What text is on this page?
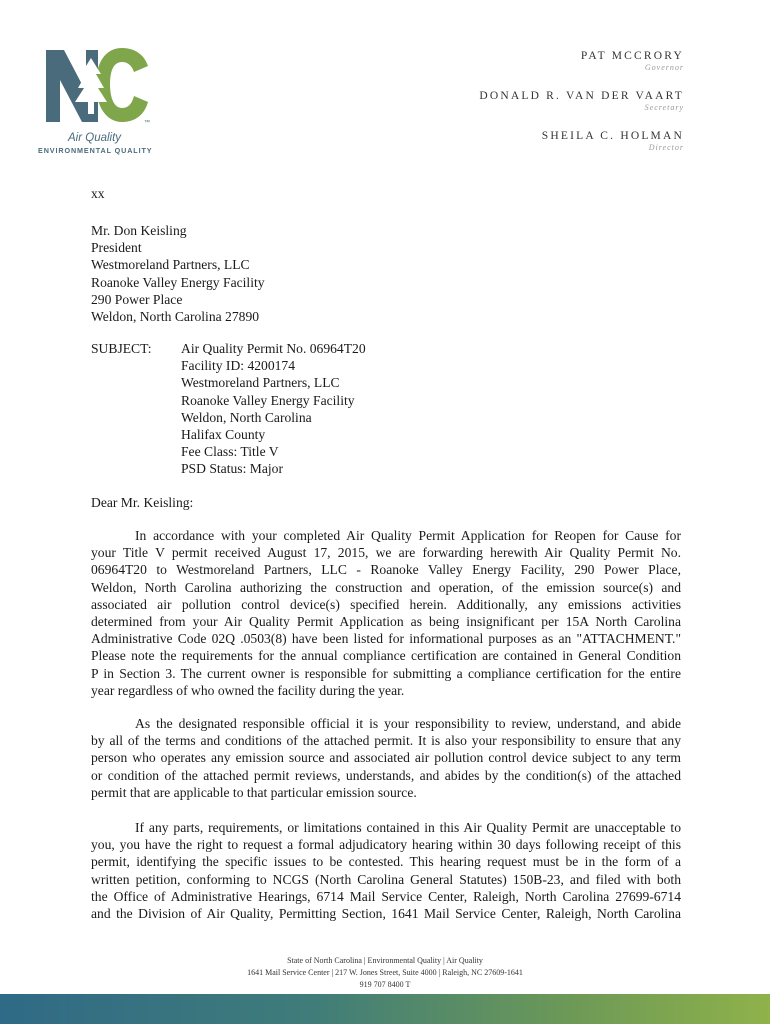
™
Air Quality
ENVIRONMENTAL QUALITY
PAT MCCRORY
Governor
DONALD R. VAN DER VAART
Secretary
SHEILA C. HOLMAN
Director
xx
Mr. Don Keisling
President
Westmoreland Partners, LLC
Roanoke Valley Energy Facility
290 Power Place
Weldon, North Carolina 27890
SUBJECT: Air Quality Permit No. 06964T20
Facility ID: 4200174
Westmoreland Partners, LLC
Roanoke Valley Energy Facility
Weldon, North Carolina
Halifax County
Fee Class: Title V
PSD Status: Major
Dear Mr. Keisling:
In accordance with your completed Air Quality Permit Application for Reopen for Cause for
your Title V permit received August 17, 2015, we are forwarding herewith Air Quality Permit No.
06964T20 to Westmoreland Partners, LLC - Roanoke Valley Energy Facility, 290 Power Place,
Weldon, North Carolina authorizing the construction and operation, of the emission source(s) and
associated air pollution control device(s) specified herein. Additionally, any emissions activities
determined from your Air Quality Permit Application as being insignificant per 15A North Carolina
Administrative Code 02Q .0503(8) have been listed for informational purposes as an "ATTACHMENT."
Please note the requirements for the annual compliance certification are contained in General Condition
P in Section 3. The current owner is responsible for submitting a compliance certification for the entire
year regardless of who owned the facility during the year.
As the designated responsible official it is your responsibility to review, understand, and abide
by all of the terms and conditions of the attached permit. It is also your responsibility to ensure that any
person who operates any emission source and associated air pollution control device subject to any term
or condition of the attached permit reviews, understands, and abides by the condition(s) of the attached
permit that are applicable to that particular emission source.
If any parts, requirements, or limitations contained in this Air Quality Permit are unacceptable to
you, you have the right to request a formal adjudicatory hearing within 30 days following receipt of this
permit, identifying the specific issues to be contested. This hearing request must be in the form of a
written petition, conforming to NCGS (North Carolina General Statutes) 150B-23, and filed with both
the Office of Administrative Hearings, 6714 Mail Service Center, Raleigh, North Carolina 27699-6714
and the Division of Air Quality, Permitting Section, 1641 Mail Service Center, Raleigh, North Carolina
State of North Carolina | Environmental Quality | Air Quality
1641 Mail Service Center | 217 W. Jones Street, Suite 4000 | Raleigh, NC 27609-1641
919 707 8400 T
